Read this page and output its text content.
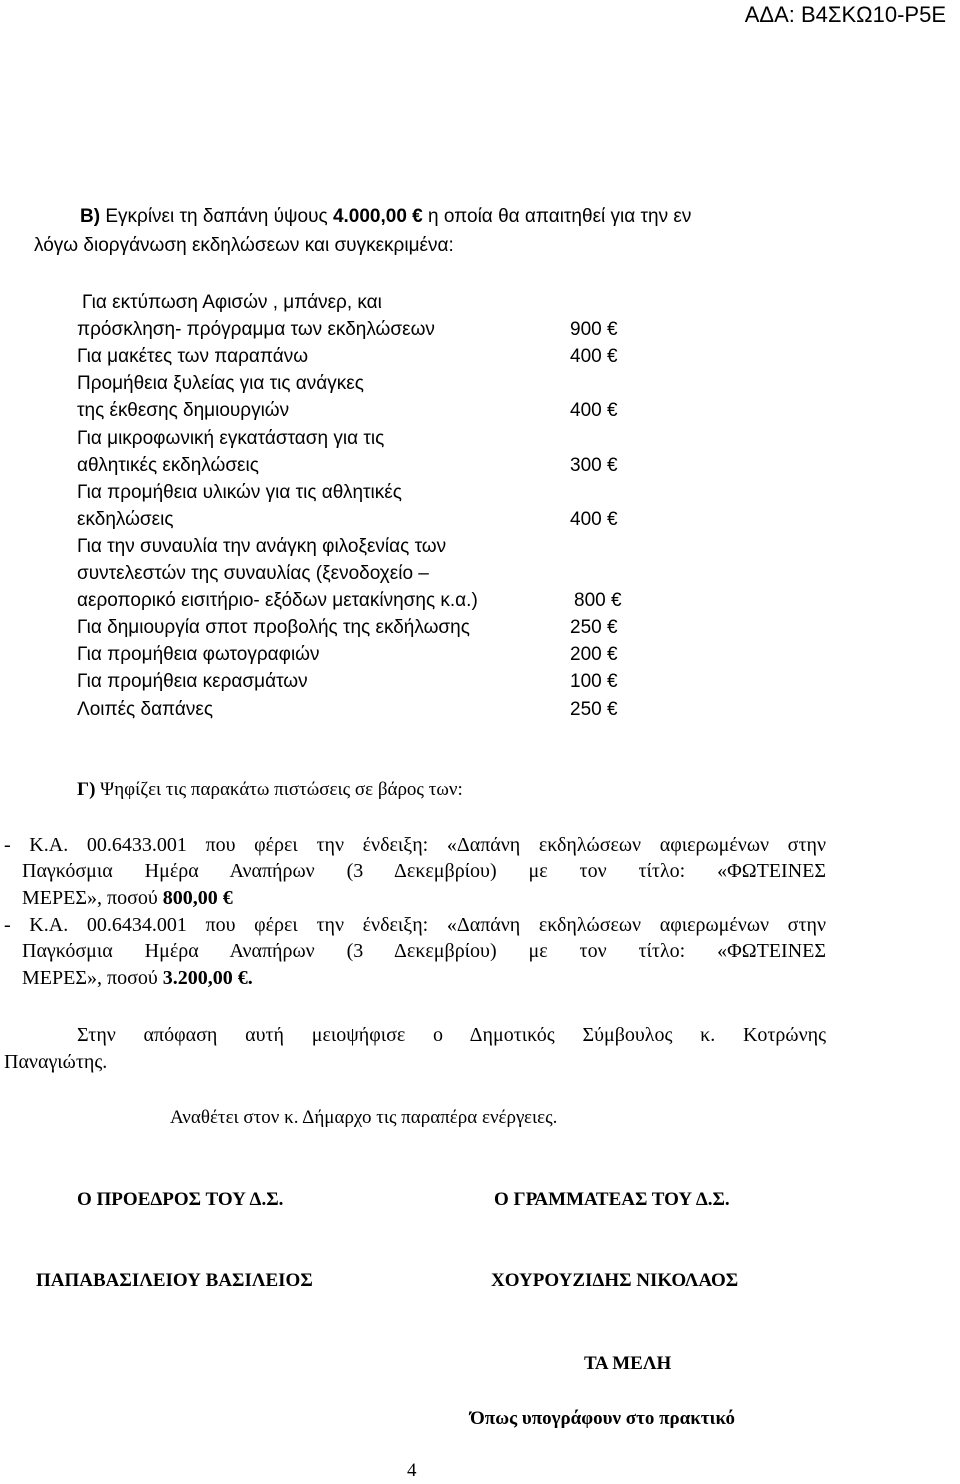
ΑΔΑ: Β4ΣΚΩ10-Ρ5Ε
Β) Εγκρίνει τη δαπάνη ύψους 4.000,00 € η οποία θα απαιτηθεί για την εν
λόγω διοργάνωση εκδηλώσεων και συγκεκριμένα:
Για εκτύπωση Αφισών , μπάνερ, και
πρόσκληση- πρόγραμμα των εκδηλώσεων	900 €
Για μακέτες των παραπάνω	400 €
Προμήθεια ξυλείας για τις ανάγκες
της έκθεσης δημιουργιών	400 €
Για μικροφωνική εγκατάσταση για τις
αθλητικές εκδηλώσεις	300 €
Για προμήθεια υλικών για τις αθλητικές
εκδηλώσεις	400 €
Για την συναυλία την ανάγκη φιλοξενίας των
συντελεστών της συναυλίας (ξενοδοχείο –
αεροπορικό εισιτήριο- εξόδων μετακίνησης κ.α.)	800 €
Για δημιουργία σποτ προβολής της εκδήλωσης	250 €
Για προμήθεια φωτογραφιών	200 €
Για προμήθεια κερασμάτων	100 €
Λοιπές δαπάνες	250 €
Γ) Ψηφίζει τις παρακάτω πιστώσεις σε βάρος των:
- Κ.Α. 00.6433.001 που φέρει την ένδειξη: «Δαπάνη εκδηλώσεων αφιερωμένων στην
Παγκόσμια Ημέρα Αναπήρων (3 Δεκεμβρίου) με τον τίτλο: «ΦΩΤΕΙΝΕΣ
ΜΕΡΕΣ», ποσού 800,00 €
- Κ.Α. 00.6434.001 που φέρει την ένδειξη: «Δαπάνη εκδηλώσεων αφιερωμένων στην
Παγκόσμια Ημέρα Αναπήρων (3 Δεκεμβρίου) με τον τίτλο: «ΦΩΤΕΙΝΕΣ
ΜΕΡΕΣ», ποσού 3.200,00 €.
Στην απόφαση αυτή μειοψήφισε ο Δημοτικός Σύμβουλος κ. Κοτρώνης
Παναγιώτης.
Αναθέτει στον κ. Δήμαρχο τις παραπέρα ενέργειες.
Ο ΠΡΟΕΔΡΟΣ ΤΟΥ Δ.Σ.	Ο ΓΡΑΜΜΑΤΕΑΣ ΤΟΥ Δ.Σ.
ΠΑΠΑΒΑΣΙΛΕΙΟΥ ΒΑΣΙΛΕΙΟΣ	ΧΟΥΡΟΥΖΙΔΗΣ ΝΙΚΟΛΑΟΣ
ΤΑ ΜΕΛΗ
Όπως υπογράφουν στο πρακτικό
4
